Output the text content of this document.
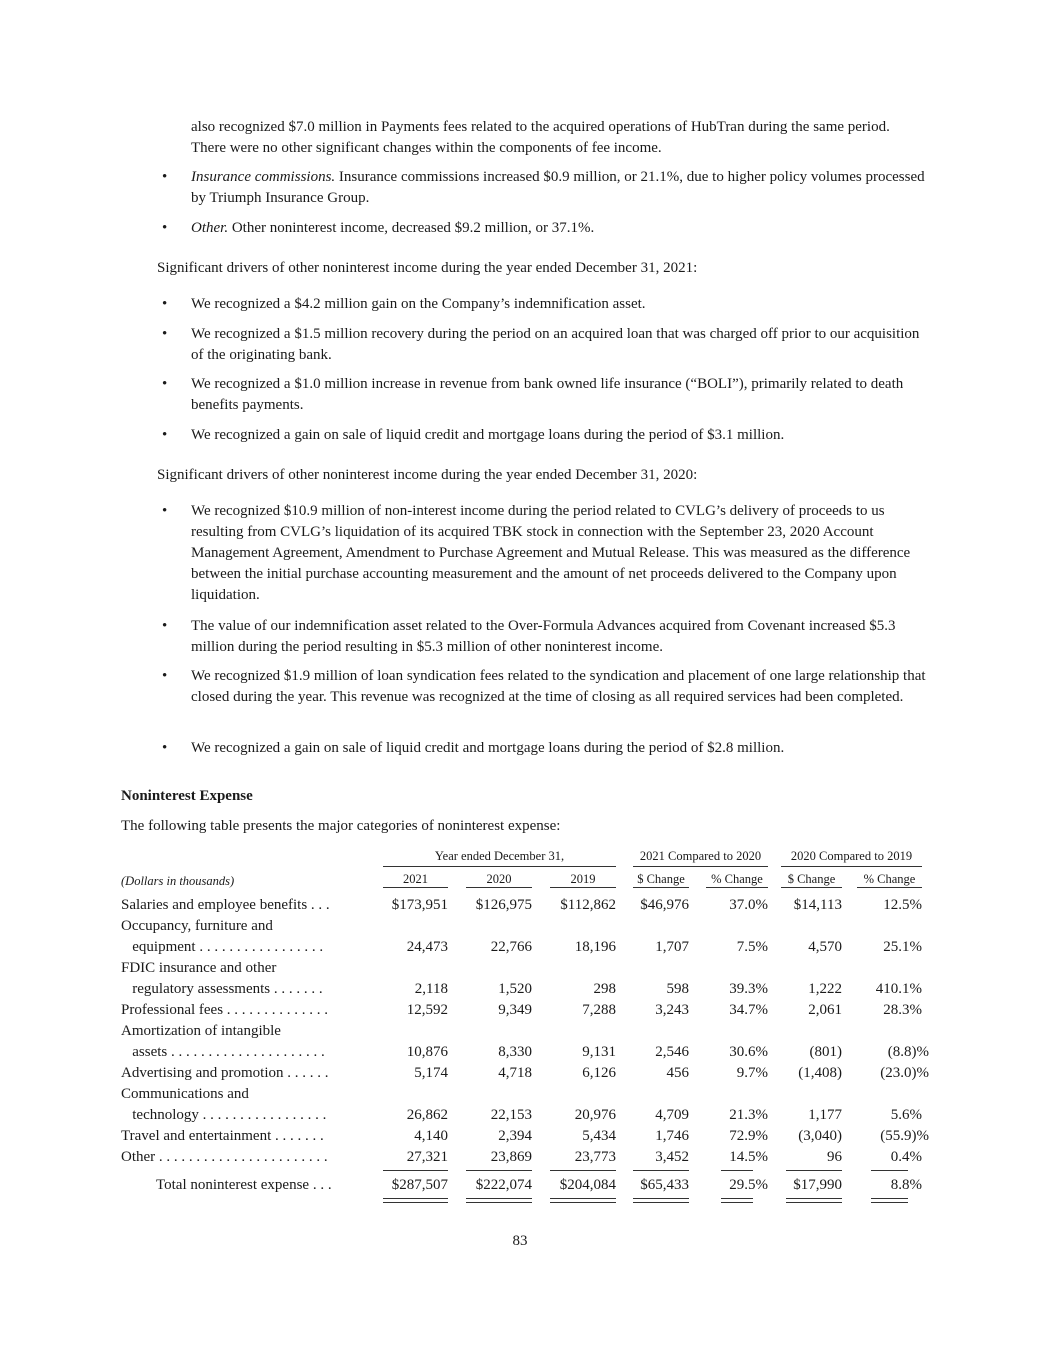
also recognized $7.0 million in Payments fees related to the acquired operations of HubTran during the same period. There were no other significant changes within the components of fee income.

•	Insurance commissions. Insurance commissions increased $0.9 million, or 21.1%, due to higher policy volumes processed by Triumph Insurance Group.
•	Other. Other noninterest income, decreased $9.2 million, or 37.1%.

Significant drivers of other noninterest income during the year ended December 31, 2021:

•	We recognized a $4.2 million gain on the Company’s indemnification asset.
•	We recognized a $1.5 million recovery during the period on an acquired loan that was charged off prior to our acquisition of the originating bank.
•	We recognized a $1.0 million increase in revenue from bank owned life insurance (“BOLI”), primarily related to death benefits payments.
•	We recognized a gain on sale of liquid credit and mortgage loans during the period of $3.1 million.

Significant drivers of other noninterest income during the year ended December 31, 2020:

•	We recognized $10.9 million of non-interest income during the period related to CVLG’s delivery of proceeds to us resulting from CVLG’s liquidation of its acquired TBK stock in connection with the September 23, 2020 Account Management Agreement, Amendment to Purchase Agreement and Mutual Release. This was measured as the difference between the initial purchase accounting measurement and the amount of net proceeds delivered to the Company upon liquidation.
•	The value of our indemnification asset related to the Over-Formula Advances acquired from Covenant increased $5.3 million during the period resulting in $5.3 million of other noninterest income.
•	We recognized $1.9 million of loan syndication fees related to the syndication and placement of one large relationship that closed during the year. This revenue was recognized at the time of closing as all required services had been completed.
•	We recognized a gain on sale of liquid credit and mortgage loans during the period of $2.8 million.
Noninterest Expense
The following table presents the major categories of noninterest expense:
Year ended December 31,	2021 Compared to 2020	2020 Compared to 2019
(Dollars in thousands)	2021	2020	2019	$ Change	% Change	$ Change	% Change
Salaries and employee benefits . . .	$173,951	$126,975	$112,862	$46,976	37.0%	$14,113	12.5%
Occupancy, furniture and
equipment . . . . . . . . . . . . . . . . .	24,473	22,766	18,196	1,707	7.5%	4,570	25.1%
FDIC insurance and other
regulatory assessments . . . . . . .	2,118	1,520	298	598	39.3%	1,222	410.1%
Professional fees . . . . . . . . . . . . . .	12,592	9,349	7,288	3,243	34.7%	2,061	28.3%
Amortization of intangible
assets . . . . . . . . . . . . . . . . . . . . .	10,876	8,330	9,131	2,546	30.6%	(801)	(8.8)%
Advertising and promotion . . . . . .	5,174	4,718	6,126	456	9.7%	(1,408)	(23.0)%
Communications and
technology . . . . . . . . . . . . . . . . .	26,862	22,153	20,976	4,709	21.3%	1,177	5.6%
Travel and entertainment . . . . . . .	4,140	2,394	5,434	1,746	72.9%	(3,040)	(55.9)%
Other . . . . . . . . . . . . . . . . . . . . . . .	27,321	23,869	23,773	3,452	14.5%	96	0.4%
Total noninterest expense . . .	$287,507	$222,074	$204,084	$65,433	29.5%	$17,990	8.8%
83
